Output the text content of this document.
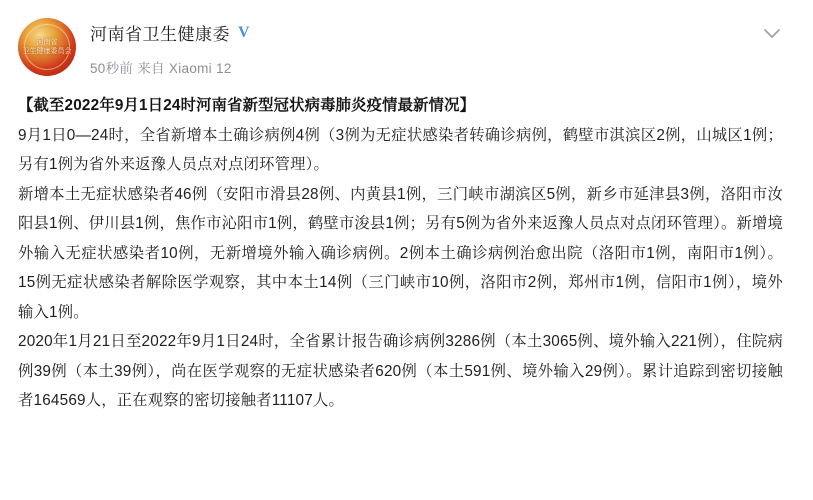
河南省
卫生健康委员会
河南省卫生健康委 V
50秒前 来自 Xiaomi 12

【截至2022年9月1日24时河南省新型冠状病毒肺炎疫情最新情况】

9月1日0—24时，全省新增本土确诊病例4例（3例为无症状感染者转确诊病例，鹤壁市淇滨区2例，山城区1例；另有1例为省外来返豫人员点对点闭环管理）。

新增本土无症状感染者46例（安阳市滑县28例、内黄县1例，三门峡市湖滨区5例，新乡市延津县3例，洛阳市汝阳县1例、伊川县1例，焦作市沁阳市1例，鹤壁市浚县1例；另有5例为省外来返豫人员点对点闭环管理）。新增境外输入无症状感染者10例，无新增境外输入确诊病例。2例本土确诊病例治愈出院（洛阳市1例，南阳市1例）。15例无症状感染者解除医学观察，其中本土14例（三门峡市10例，洛阳市2例，郑州市1例，信阳市1例），境外输入1例。

2020年1月21日至2022年9月1日24时，全省累计报告确诊病例3286例（本土3065例、境外输入221例），住院病例39例（本土39例），尚在医学观察的无症状感染者620例（本土591例、境外输入29例）。累计追踪到密切接触者164569人，正在观察的密切接触者11107人。
